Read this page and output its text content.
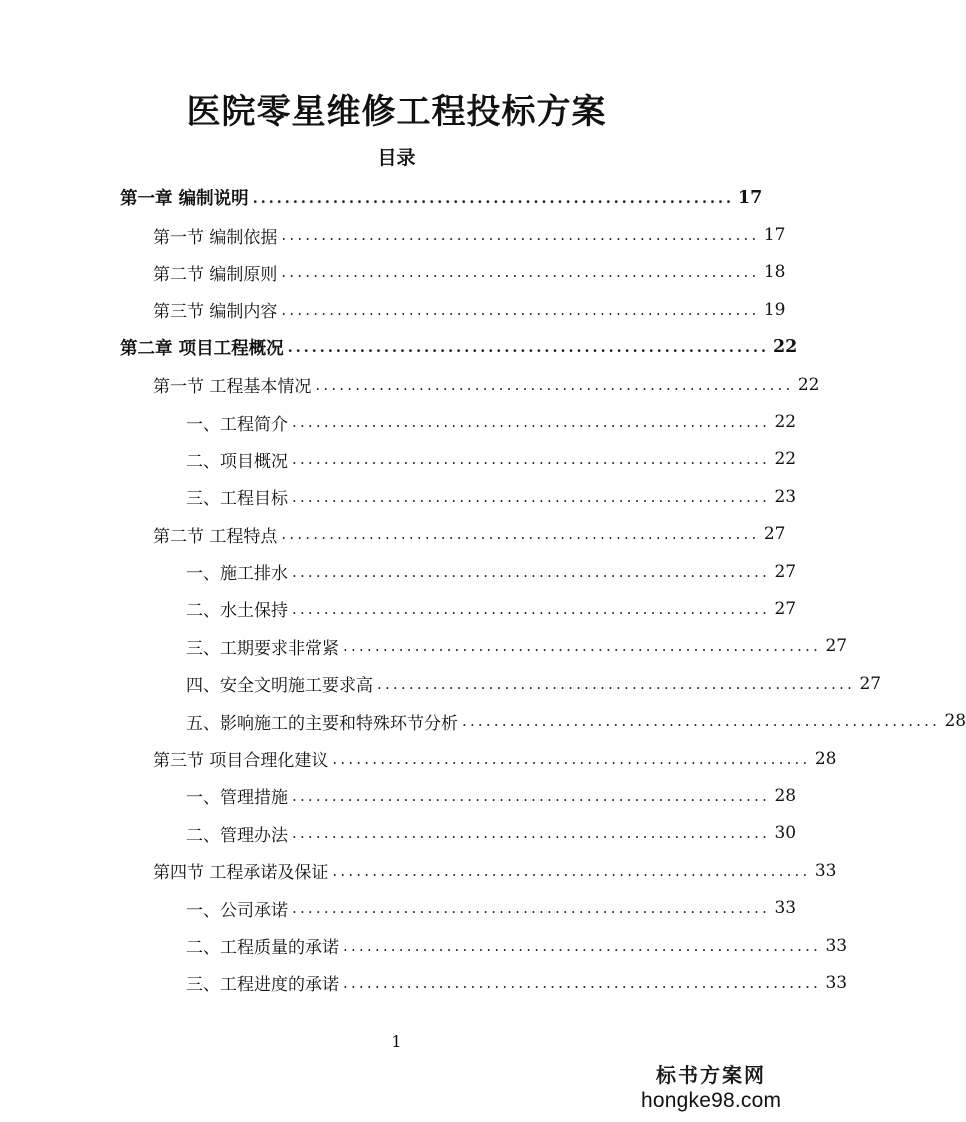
医院零星维修工程投标方案
目录
第一章 编制说明 ............................................................ 17
第一节 编制依据 ............................................................ 17
第二节 编制原则 ............................................................ 18
第三节 编制内容 ............................................................ 19
第二章 项目工程概况 ............................................................ 22
第一节 工程基本情况 ............................................................ 22
一、工程简介 ............................................................ 22
二、项目概况 ............................................................ 22
三、工程目标 ............................................................ 23
第二节 工程特点 ............................................................ 27
一、施工排水 ............................................................ 27
二、水土保持 ............................................................ 27
三、工期要求非常紧 ............................................................ 27
四、安全文明施工要求高 ............................................................ 27
五、影响施工的主要和特殊环节分析 ............................................................ 28
第三节 项目合理化建议 ............................................................ 28
一、管理措施 ............................................................ 28
二、管理办法 ............................................................ 30
第四节 工程承诺及保证 ............................................................ 33
一、公司承诺 ............................................................ 33
二、工程质量的承诺 ............................................................ 33
三、工程进度的承诺 ............................................................ 33
1
标书方案网
hongke98.com
